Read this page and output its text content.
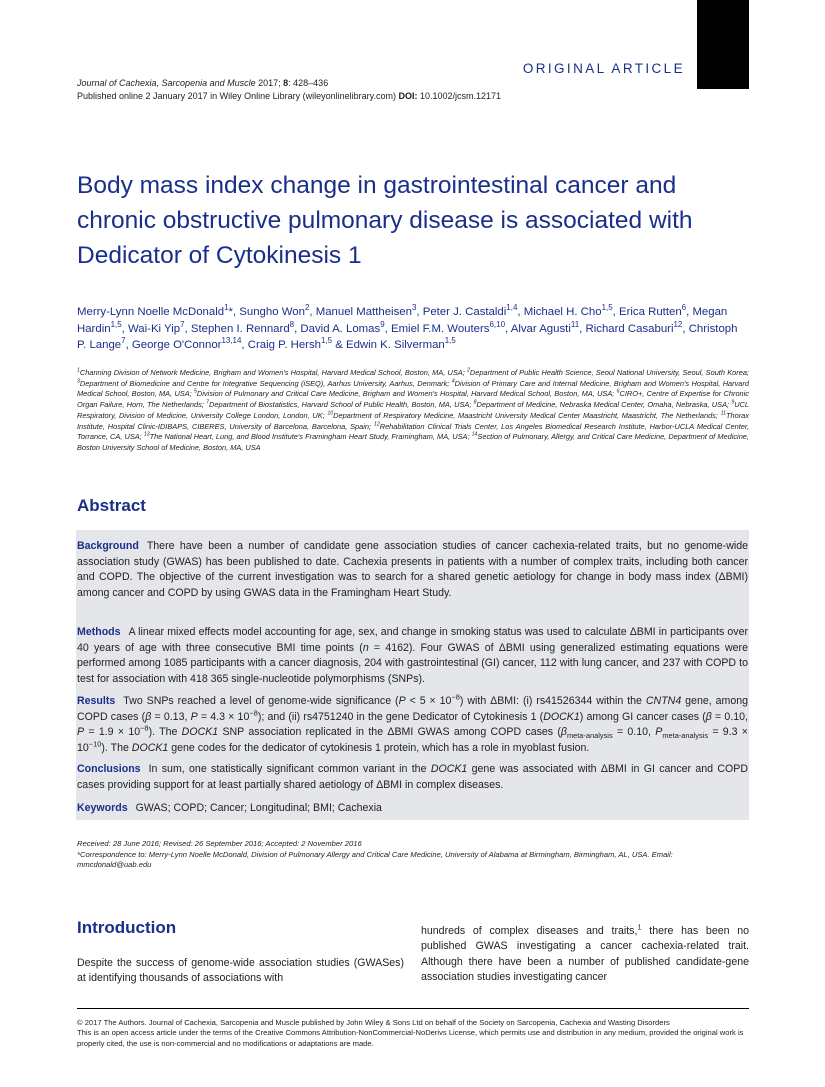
ORIGINAL ARTICLE
Journal of Cachexia, Sarcopenia and Muscle 2017; 8: 428–436
Published online 2 January 2017 in Wiley Online Library (wileyonlinelibrary.com) DOI: 10.1002/jcsm.12171
Body mass index change in gastrointestinal cancer and chronic obstructive pulmonary disease is associated with Dedicator of Cytokinesis 1

Merry-Lynn Noelle McDonald$^1$*, Sungho Won$^2$, Manuel Mattheisen$^3$, Peter J. Castaldi$^{1,4}$, Michael H. Cho$^{1,5}$, Erica Rutten$^6$, Megan Hardin$^{1,5}$, Wai-Ki Yip$^7$, Stephen I. Rennard$^8$, David A. Lomas$^9$, Emiel F.M. Wouters$^{6,10}$, Alvar Agusti$^{11}$, Richard Casaburi$^{12}$, Christoph P. Lange$^7$, George O'Connor$^{13,14}$, Craig P. Hersh$^{1,5}$ & Edwin K. Silverman$^{1,5}$

$^1$Channing Division of Network Medicine, Brigham and Women's Hospital, Harvard Medical School, Boston, MA, USA; $^2$Department of Public Health Science, Seoul National University, Seoul, South Korea; $^3$Department of Biomedicine and Centre for Integrative Sequencing (iSEQ), Aarhus University, Aarhus, Denmark; $^4$Division of Primary Care and Internal Medicine, Brigham and Women's Hospital, Harvard Medical School, Boston, MA, USA; $^5$Division of Pulmonary and Critical Care Medicine, Brigham and Women's Hospital, Harvard Medical School, Boston, MA, USA; $^6$CIRO+, Centre of Expertise for Chronic Organ Failure, Horn, The Netherlands; $^7$Department of Biostatistics, Harvard School of Public Health, Boston, MA, USA; $^8$Department of Medicine, Nebraska Medical Center, Omaha, Nebraska, USA; $^9$UCL Respiratory, Division of Medicine, University College London, London, UK; $^{10}$Department of Respiratory Medicine, Maastricht University Medical Center Maastricht, Maastricht, The Netherlands; $^{11}$Thorax Institute, Hospital Clinic-IDIBAPS, CIBERES, University of Barcelona, Barcelona, Spain; $^{12}$Rehabilitation Clinical Trials Center, Los Angeles Biomedical Research Institute, Harbor-UCLA Medical Center, Torrance, CA, USA; $^{13}$The National Heart, Lung, and Blood Institute's Framingham Heart Study, Framingham, MA, USA; $^{14}$Section of Pulmonary, Allergy, and Critical Care Medicine, Department of Medicine, Boston University School of Medicine, Boston, MA, USA

Abstract

Background There have been a number of candidate gene association studies of cancer cachexia-related traits, but no genome-wide association study (GWAS) has been published to date. Cachexia presents in patients with a number of complex traits, including both cancer and COPD. The objective of the current investigation was to search for a shared genetic aetiology for change in body mass index (ΔBMI) among cancer and COPD by using GWAS data in the Framingham Heart Study.

Methods A linear mixed effects model accounting for age, sex, and change in smoking status was used to calculate ΔBMI in participants over 40 years of age with three consecutive BMI time points (n = 4162). Four GWAS of ΔBMI using generalized estimating equations were performed among 1085 participants with a cancer diagnosis, 204 with gastrointestinal (GI) cancer, 112 with lung cancer, and 237 with COPD to test for association with 418 365 single-nucleotide polymorphisms (SNPs).

Results Two SNPs reached a level of genome-wide significance $(P < 5 \times 10^{-8})$ with ΔBMI: (i) rs41526344 within the CNTN4 gene, among COPD cases (β = 0.13, $P = 4.3 \times 10^{-8}$); and (ii) rs4751240 in the gene Dedicator of Cytokinesis 1 (DOCK1) among GI cancer cases (β = 0.10, $P = 1.9 \times 10^{-8}$). The DOCK1 SNP association replicated in the ΔBMI GWAS among COPD cases ($\beta_{meta-analysis} = 0.10$, $P_{meta-analysis} = 9.3 \times 10^{-10}$). The DOCK1 gene codes for the dedicator of cytokinesis 1 protein, which has a role in myoblast fusion.

Conclusions In sum, one statistically significant common variant in the DOCK1 gene was associated with ΔBMI in GI cancer and COPD cases providing support for at least partially shared aetiology of ΔBMI in complex diseases.

Keywords GWAS; COPD; Cancer; Longitudinal; BMI; Cachexia

Received: 28 June 2016; Revised: 26 September 2016; Accepted: 2 November 2016
*Correspondence to: Merry-Lynn Noelle McDonald, Division of Pulmonary Allergy and Critical Care Medicine, University of Alabama at Birmingham, Birmingham, AL, USA. Email: mmcdonald@uab.edu
Introduction

Despite the success of genome-wide association studies (GWASes) at identifying thousands of associations with

hundreds of complex diseases and traits,$^1$ there has been no published GWAS investigating a cancer cachexia-related trait. Although there have been a number of published candidate-gene association studies investigating cancer

© 2017 The Authors. Journal of Cachexia, Sarcopenia and Muscle published by John Wiley & Sons Ltd on behalf of the Society on Sarcopenia, Cachexia and Wasting Disorders
This is an open access article under the terms of the Creative Commons Attribution-NonCommercial-NoDerivs License, which permits use and distribution in any medium, provided the original work is properly cited, the use is non-commercial and no modifications or adaptations are made.
